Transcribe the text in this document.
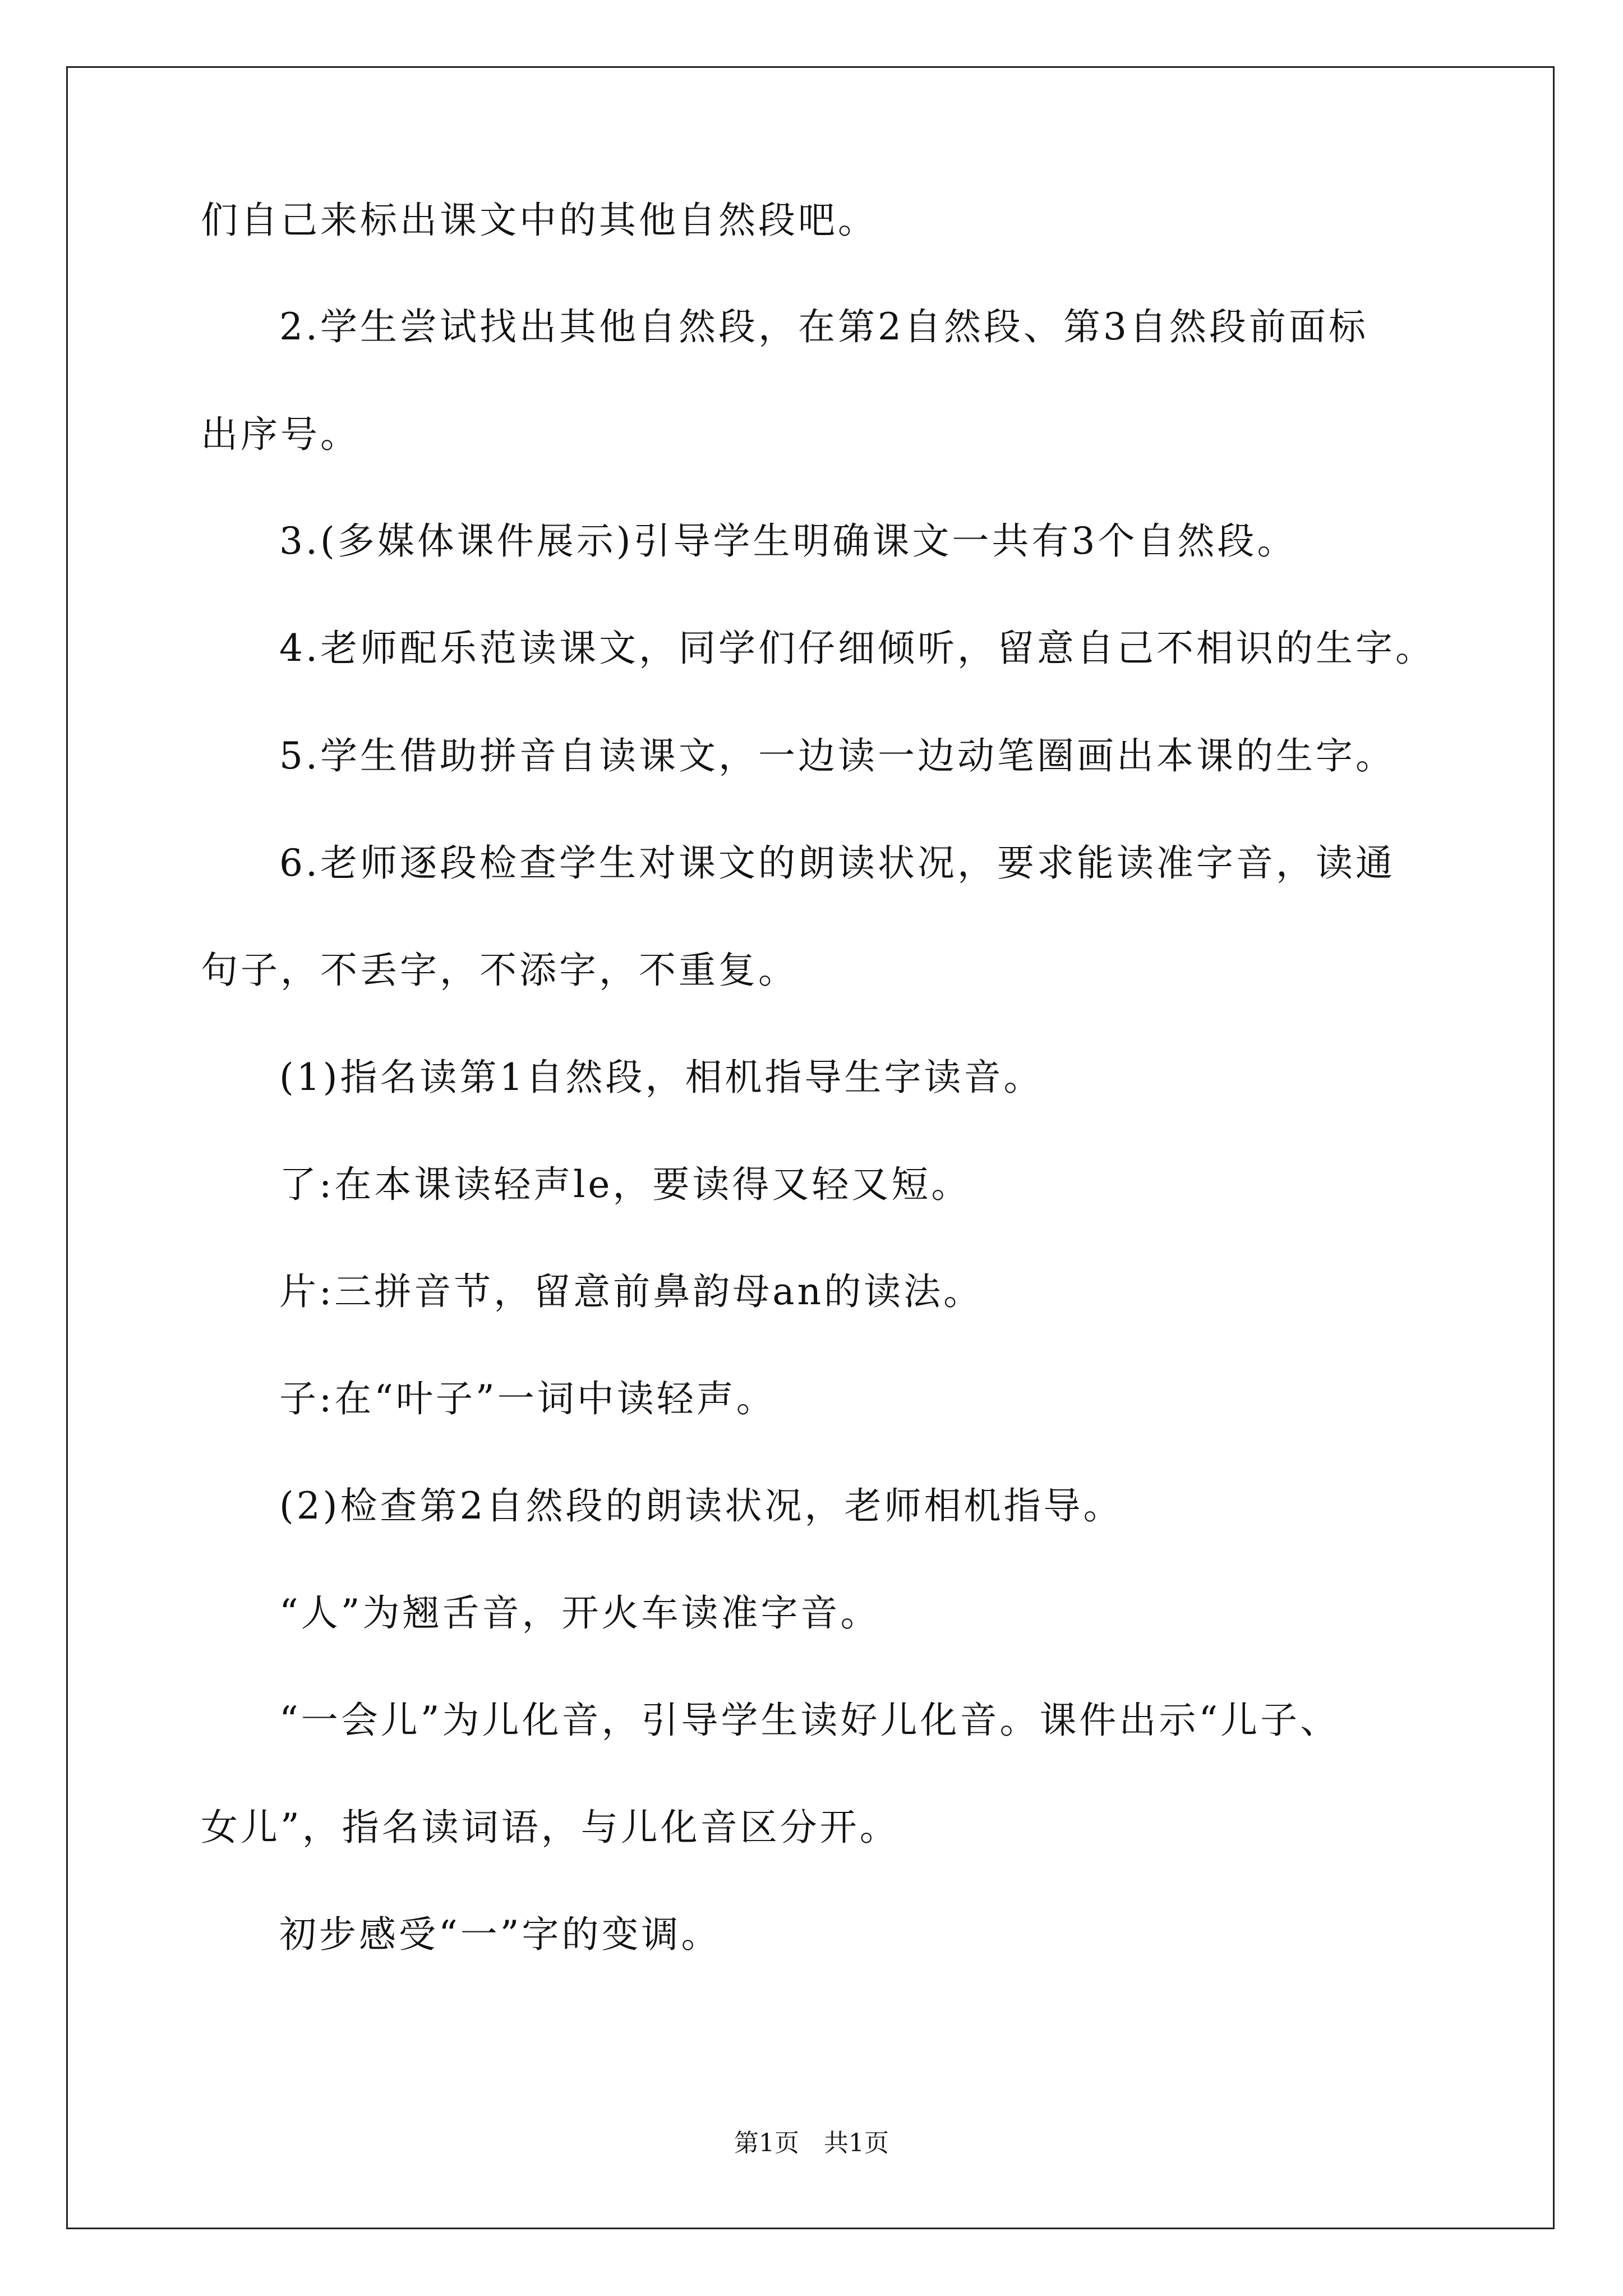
们自己来标出课文中的其他自然段吧。
2.学生尝试找出其他自然段，在第2自然段、第3自然段前面标
出序号。
3.(多媒体课件展示)引导学生明确课文一共有3个自然段。
4.老师配乐范读课文，同学们仔细倾听，留意自己不相识的生字。
5.学生借助拼音自读课文，一边读一边动笔圈画出本课的生字。
6.老师逐段检查学生对课文的朗读状况，要求能读准字音，读通
句子，不丢字，不添字，不重复。
(1)指名读第1自然段，相机指导生字读音。
了:在本课读轻声le，要读得又轻又短。
片:三拼音节，留意前鼻韵母an的读法。
子:在“叶子”一词中读轻声。
(2)检查第2自然段的朗读状况，老师相机指导。
“人”为翘舌音，开火车读准字音。
“一会儿”为儿化音，引导学生读好儿化音。课件出示“儿子、
女儿”，指名读词语，与儿化音区分开。
初步感受“一”字的变调。
第1页　共1页
